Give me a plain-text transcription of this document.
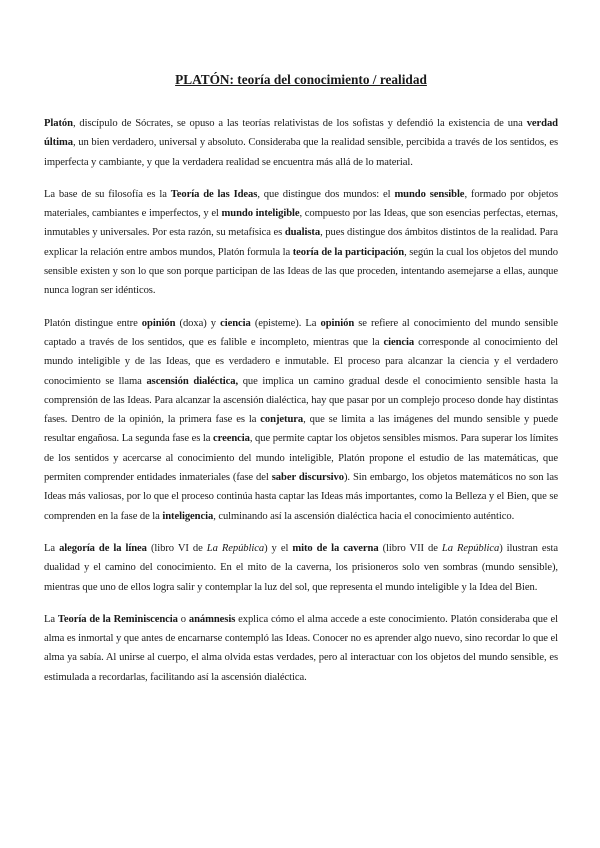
PLATÓN: teoría del conocimiento / realidad

Platón, discípulo de Sócrates, se opuso a las teorías relativistas de los sofistas y defendió la existencia de una verdad última, un bien verdadero, universal y absoluto. Consideraba que la realidad sensible, percibida a través de los sentidos, es imperfecta y cambiante, y que la verdadera realidad se encuentra más allá de lo material.

La base de su filosofía es la Teoría de las Ideas, que distingue dos mundos: el mundo sensible, formado por objetos materiales, cambiantes e imperfectos, y el mundo inteligible, compuesto por las Ideas, que son esencias perfectas, eternas, inmutables y universales. Por esta razón, su metafísica es dualista, pues distingue dos ámbitos distintos de la realidad. Para explicar la relación entre ambos mundos, Platón formula la teoría de la participación, según la cual los objetos del mundo sensible existen y son lo que son porque participan de las Ideas de las que proceden, intentando asemejarse a ellas, aunque nunca logran ser idénticos.

Platón distingue entre opinión (doxa) y ciencia (episteme). La opinión se refiere al conocimiento del mundo sensible captado a través de los sentidos, que es falible e incompleto, mientras que la ciencia corresponde al conocimiento del mundo inteligible y de las Ideas, que es verdadero e inmutable. El proceso para alcanzar la ciencia y el verdadero conocimiento se llama ascensión dialéctica, que implica un camino gradual desde el conocimiento sensible hasta la comprensión de las Ideas. Para alcanzar la ascensión dialéctica, hay que pasar por un complejo proceso donde hay distintas fases. Dentro de la opinión, la primera fase es la conjetura, que se limita a las imágenes del mundo sensible y puede resultar engañosa. La segunda fase es la creencia, que permite captar los objetos sensibles mismos. Para superar los límites de los sentidos y acercarse al conocimiento del mundo inteligible, Platón propone el estudio de las matemáticas, que permiten comprender entidades inmateriales (fase del saber discursivo). Sin embargo, los objetos matemáticos no son las Ideas más valiosas, por lo que el proceso continúa hasta captar las Ideas más importantes, como la Belleza y el Bien, que se comprenden en la fase de la inteligencia, culminando así la ascensión dialéctica hacia el conocimiento auténtico.

La alegoría de la línea (libro VI de La República) y el mito de la caverna (libro VII de La República) ilustran esta dualidad y el camino del conocimiento. En el mito de la caverna, los prisioneros solo ven sombras (mundo sensible), mientras que uno de ellos logra salir y contemplar la luz del sol, que representa el mundo inteligible y la Idea del Bien.

La Teoría de la Reminiscencia o anámnesis explica cómo el alma accede a este conocimiento. Platón consideraba que el alma es inmortal y que antes de encarnarse contempló las Ideas. Conocer no es aprender algo nuevo, sino recordar lo que el alma ya sabía. Al unirse al cuerpo, el alma olvida estas verdades, pero al interactuar con los objetos del mundo sensible, es estimulada a recordarlas, facilitando así la ascensión dialéctica.
